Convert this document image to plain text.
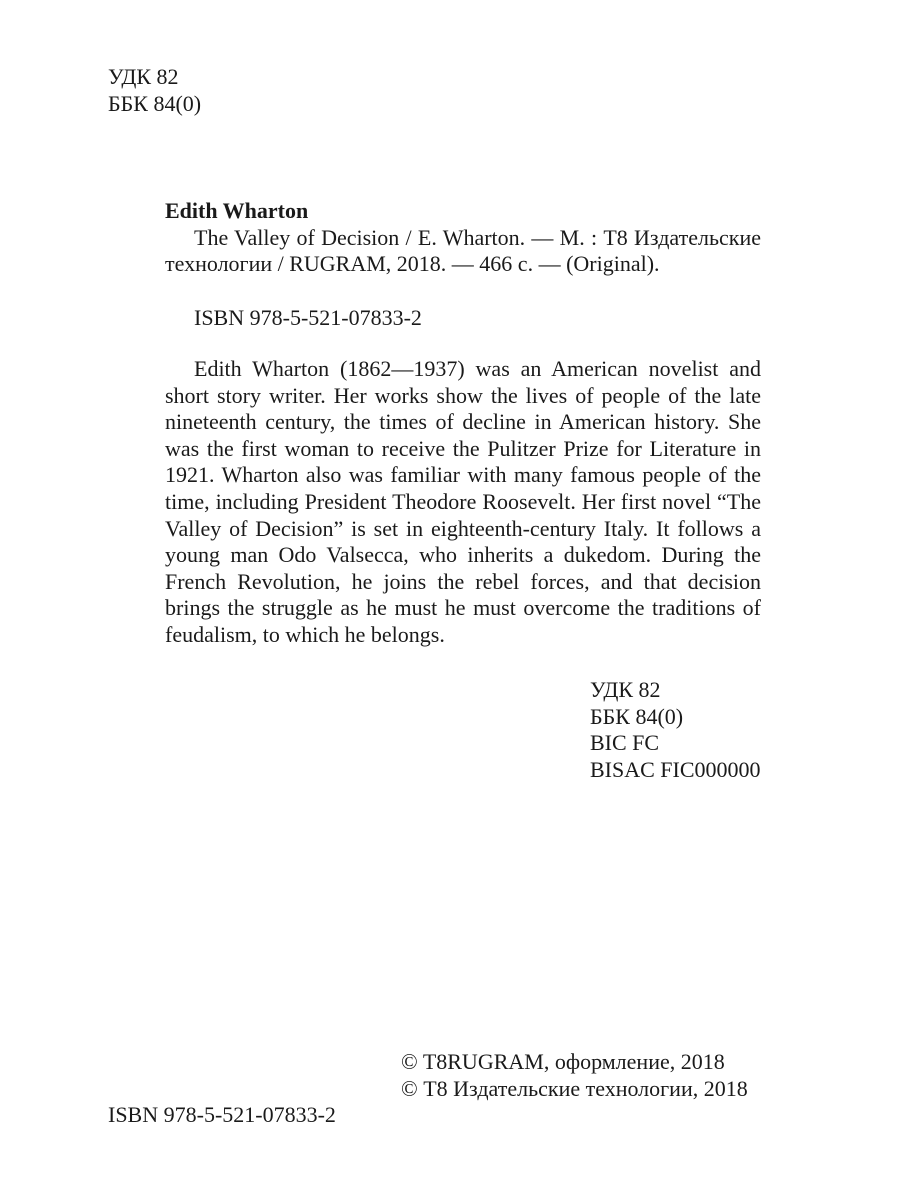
УДК 82
ББК 84(0)
Edith Wharton

The Valley of Decision / E. Wharton. — М. : Т8 Издательские технологии / RUGRAM, 2018. — 466 с. — (Original).

ISBN 978-5-521-07833-2

Edith Wharton (1862—1937) was an American novelist and short story writer. Her works show the lives of people of the late nineteenth century, the times of decline in American history. She was the first woman to receive the Pulitzer Prize for Literature in 1921. Wharton also was familiar with many famous people of the time, including President Theodore Roosevelt. Her first novel “The Valley of Decision” is set in eighteenth-century Italy. It follows a young man Odo Valsecca, who inherits a dukedom. During the French Revolution, he joins the rebel forces, and that decision brings the struggle as he must he must overcome the traditions of feudalism, to which he belongs.

УДК 82
ББК 84(0)
BIC FC
BISAC FIC000000
© T8RUGRAM, оформление, 2018
© Т8 Издательские технологии, 2018
ISBN 978-5-521-07833-2
